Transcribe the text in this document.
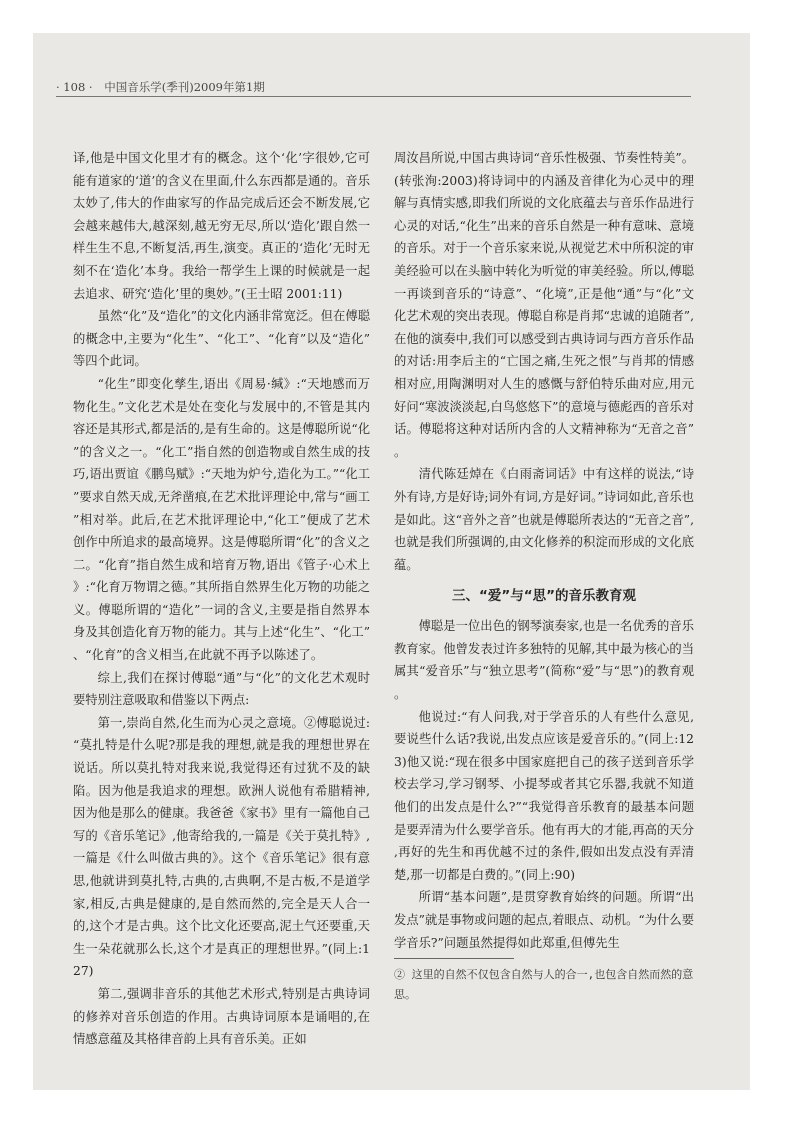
· 108 · 中国音乐学(季刊)2009年第1期

译,他是中国文化里才有的概念。这个‘化’字很妙,它可能有道家的‘道’的含义在里面,什么东西都是通的。音乐太妙了,伟大的作曲家写的作品完成后还会不断发展,它会越来越伟大,越深刻,越无穷无尽,所以‘造化’跟自然一样生生不息,不断复活,再生,演变。真正的‘造化’无时无刻不在‘造化’本身。我给一帮学生上课的时候就是一起去追求、研究‘造化’里的奥妙。”(王士昭 2001:11)

虽然“化”及“造化”的文化内涵非常宽泛。但在傅聪的概念中,主要为“化生”、“化工”、“化育”以及“造化”等四个此词。

“化生”即变化孳生,语出《周易·缄》:“天地感而万物化生。”文化艺术是处在变化与发展中的,不管是其内容还是其形式,都是活的,是有生命的。这是傅聪所说“化”的含义之一。“化工”指自然的创造物或自然生成的技巧,语出贾谊《鹏鸟赋》:“天地为炉兮,造化为工。”“化工”要求自然天成,无斧凿痕,在艺术批评理论中,常与“画工”相对举。此后,在艺术批评理论中,“化工”便成了艺术创作中所追求的最高境界。这是傅聪所谓“化”的含义之二。“化育”指自然生成和培育万物,语出《管子·心术上》:“化育万物谓之德。”其所指自然界生化万物的功能之义。傅聪所谓的“造化”一词的含义,主要是指自然界本身及其创造化育万物的能力。其与上述“化生”、“化工”、“化育”的含义相当,在此就不再予以陈述了。

综上,我们在探讨傅聪“通”与“化”的文化艺术观时要特别注意吸取和借鉴以下两点:

第一,崇尚自然,化生而为心灵之意境。②傅聪说过:“莫扎特是什么呢?那是我的理想,就是我的理想世界在说话。所以莫扎特对我来说,我觉得还有过犹不及的缺陷。因为他是我追求的理想。欧洲人说他有希腊精神,因为他是那么的健康。我爸爸《家书》里有一篇他自己写的《音乐笔记》,他寄给我的,一篇是《关于莫扎特》,一篇是《什么叫做古典的》。这个《音乐笔记》很有意思,他就讲到莫扎特,古典的,古典啊,不是古板,不是道学家,相反,古典是健康的,是自然而然的,完全是天人合一的,这个才是古典。这个比文化还要高,泥土气还要重,天生一朵花就那么长,这个才是真正的理想世界。”(同上:127)

第二,强调非音乐的其他艺术形式,特别是古典诗词的修养对音乐创造的作用。古典诗词原本是诵唱的,在情感意蕴及其格律音韵上具有音乐美。正如

周汝昌所说,中国古典诗词“音乐性极强、节奏性特美”。(转张洵:2003)将诗词中的内涵及音律化为心灵中的理解与真情实感,即我们所说的文化底蕴去与音乐作品进行心灵的对话,“化生”出来的音乐自然是一种有意味、意境的音乐。对于一个音乐家来说,从视觉艺术中所积淀的审美经验可以在头脑中转化为听觉的审美经验。所以,傅聪一再谈到音乐的“诗意”、“化境”,正是他“通”与“化”文化艺术观的突出表现。傅聪自称是肖邦“忠诚的追随者”,在他的演奏中,我们可以感受到古典诗词与西方音乐作品的对话:用李后主的“亡国之痛,生死之恨”与肖邦的情感相对应,用陶渊明对人生的感慨与舒伯特乐曲对应,用元好问“寒波淡淡起,白鸟悠悠下”的意境与德彪西的音乐对话。傅聪将这种对话所内含的人文精神称为“无音之音”。

清代陈廷焯在《白雨斋词话》中有这样的说法,“诗外有诗,方是好诗;词外有词,方是好词。”诗词如此,音乐也是如此。这“音外之音”也就是傅聪所表达的“无音之音”,也就是我们所强调的,由文化修养的积淀而形成的文化底蕴。

三、“爱”与“思”的音乐教育观

傅聪是一位出色的钢琴演奏家,也是一名优秀的音乐教育家。他曾发表过许多独特的见解,其中最为核心的当属其“爱音乐”与“独立思考”(简称“爱”与“思”)的教育观。

他说过:“有人问我,对于学音乐的人有些什么意见,要说些什么话?我说,出发点应该是爱音乐的。”(同上:123)他又说:“现在很多中国家庭把自己的孩子送到音乐学校去学习,学习钢琴、小提琴或者其它乐器,我就不知道他们的出发点是什么?”“我觉得音乐教育的最基本问题是要弄清为什么要学音乐。他有再大的才能,再高的天分,再好的先生和再优越不过的条件,假如出发点没有弄清楚,那一切都是白费的。”(同上:90)

所谓“基本问题”,是贯穿教育始终的问题。所谓“出发点”就是事物或问题的起点,着眼点、动机。“为什么要学音乐?”问题虽然提得如此郑重,但傅先生

② 这里的自然不仅包含自然与人的合一,也包含自然而然的意思。
